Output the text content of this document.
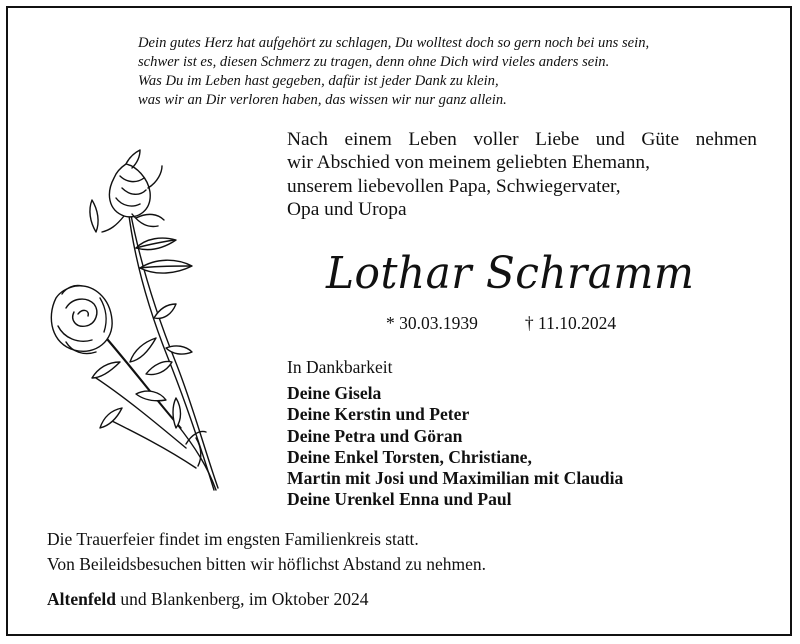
Dein gutes Herz hat aufgehört zu schlagen, Du wolltest doch so gern noch bei uns sein,
schwer ist es, diesen Schmerz zu tragen, denn ohne Dich wird vieles anders sein.
Was Du im Leben hast gegeben, dafür ist jeder Dank zu klein,
was wir an Dir verloren haben, das wissen wir nur ganz allein.
Nach einem Leben voller Liebe und Güte nehmen
wir Abschied von meinem geliebten Ehemann,
unserem liebevollen Papa, Schwiegervater,
Opa und Uropa
Lothar Schramm
* 30.03.1939	† 11.10.2024
In Dankbarkeit
Deine Gisela
Deine Kerstin und Peter
Deine Petra und Göran
Deine Enkel Torsten, Christiane,
Martin mit Josi und Maximilian mit Claudia
Deine Urenkel Enna und Paul
Die Trauerfeier findet im engsten Familienkreis statt.
Von Beileidsbesuchen bitten wir höflichst Abstand zu nehmen.
Altenfeld und Blankenberg, im Oktober 2024
